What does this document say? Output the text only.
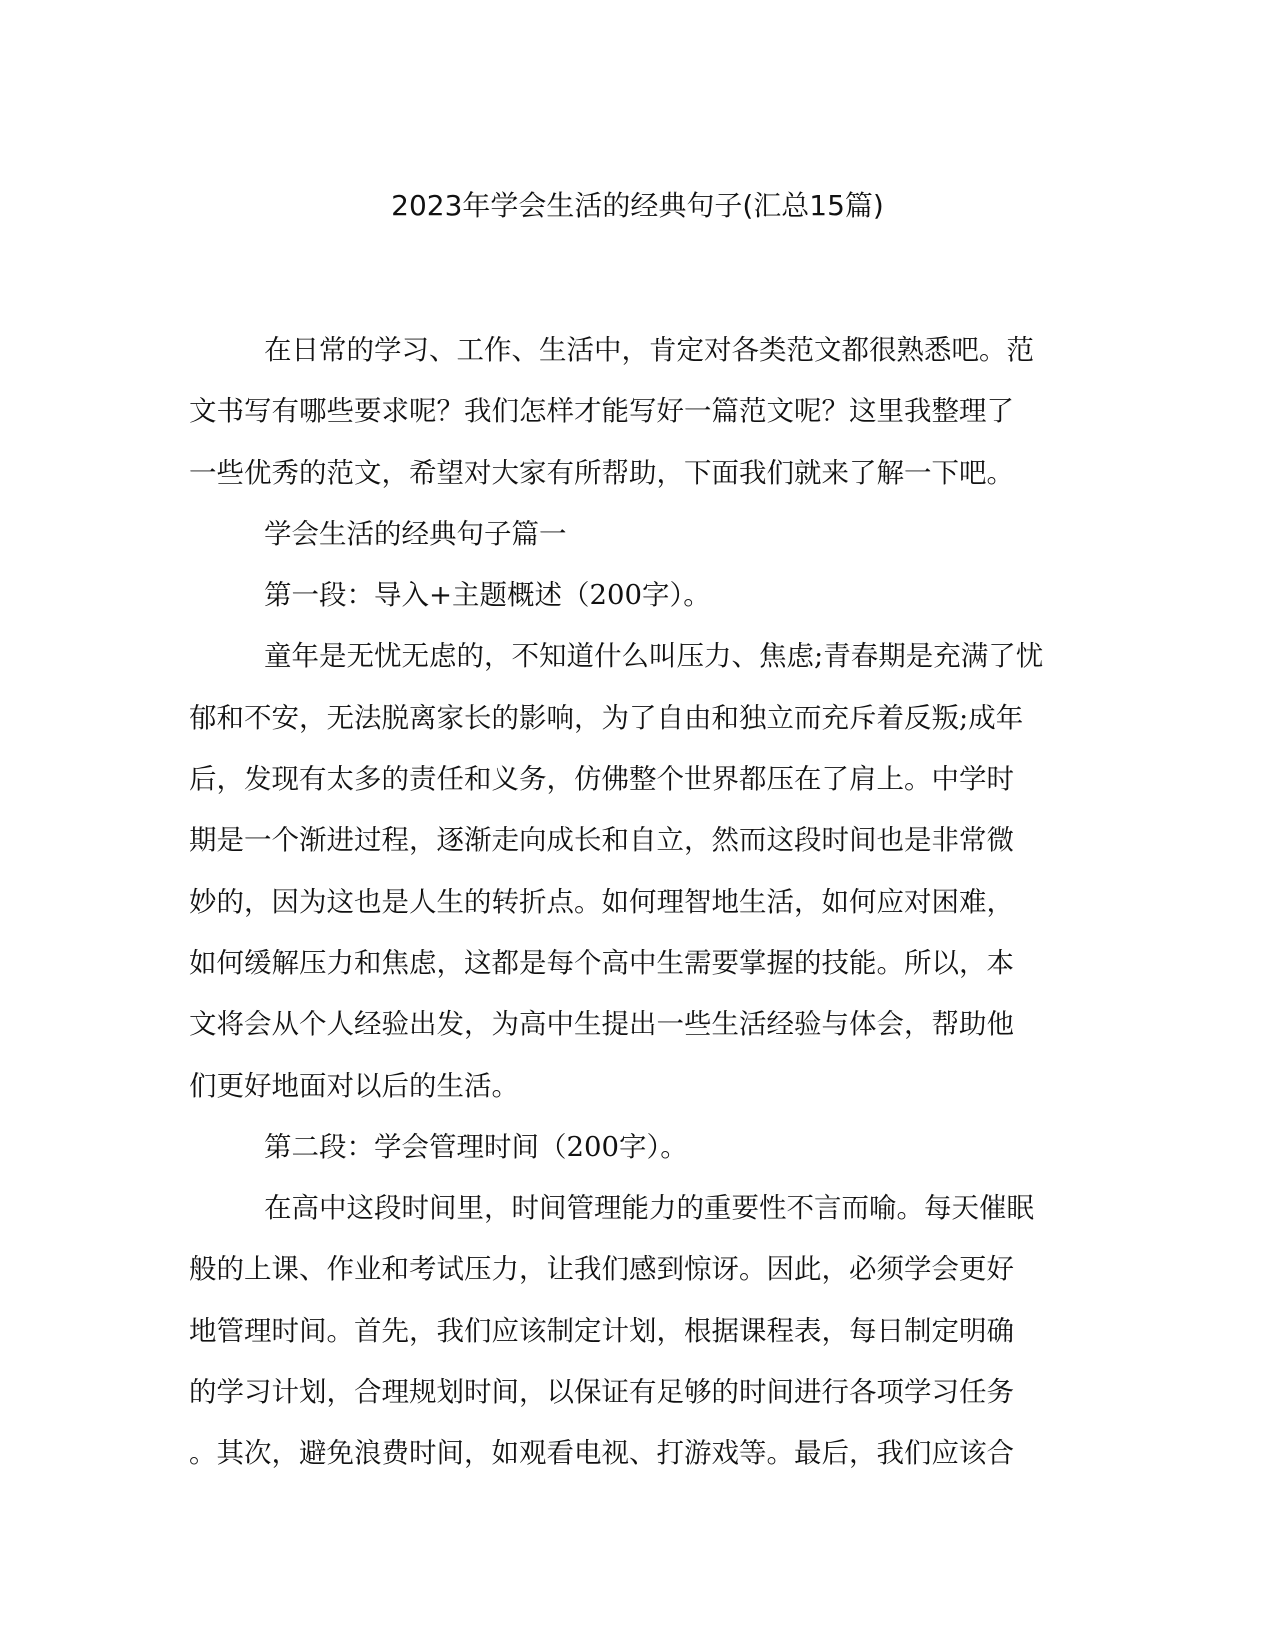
2023年学会生活的经典句子(汇总15篇)
在日常的学习、工作、生活中，肯定对各类范文都很熟悉吧。范
文书写有哪些要求呢？我们怎样才能写好一篇范文呢？这里我整理了
一些优秀的范文，希望对大家有所帮助，下面我们就来了解一下吧。
学会生活的经典句子篇一
第一段：导入+主题概述（200字）。
童年是无忧无虑的，不知道什么叫压力、焦虑;青春期是充满了忧
郁和不安，无法脱离家长的影响，为了自由和独立而充斥着反叛;成年
后，发现有太多的责任和义务，仿佛整个世界都压在了肩上。中学时
期是一个渐进过程，逐渐走向成长和自立，然而这段时间也是非常微
妙的，因为这也是人生的转折点。如何理智地生活，如何应对困难，
如何缓解压力和焦虑，这都是每个高中生需要掌握的技能。所以，本
文将会从个人经验出发，为高中生提出一些生活经验与体会，帮助他
们更好地面对以后的生活。
第二段：学会管理时间（200字）。
在高中这段时间里，时间管理能力的重要性不言而喻。每天催眠
般的上课、作业和考试压力，让我们感到惊讶。因此，必须学会更好
地管理时间。首先，我们应该制定计划，根据课程表，每日制定明确
的学习计划，合理规划时间，以保证有足够的时间进行各项学习任务
。其次，避免浪费时间，如观看电视、打游戏等。最后，我们应该合
